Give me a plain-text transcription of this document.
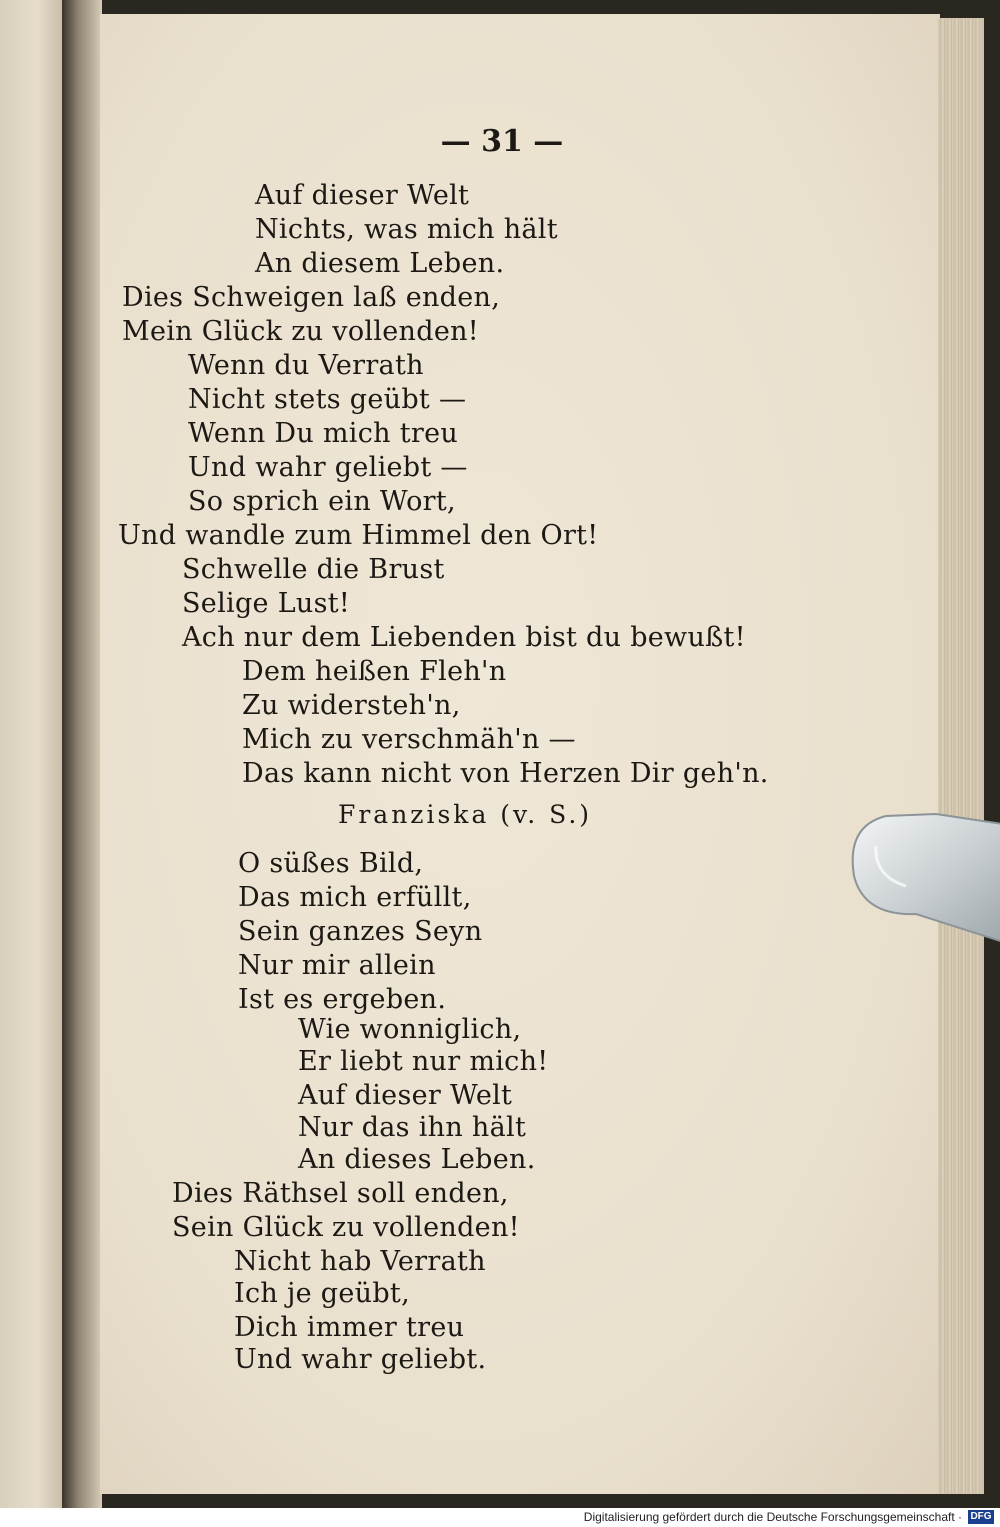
— 31 —
Auf dieser Welt
Nichts, was mich hält
An diesem Leben.
Dies Schweigen laß enden,
Mein Glück zu vollenden!
Wenn du Verrath
Nicht stets geübt —
Wenn Du mich treu
Und wahr geliebt —
So sprich ein Wort,
Und wandle zum Himmel den Ort!
Schwelle die Brust
Selige Lust!
Ach nur dem Liebenden bist du bewußt!
Dem heißen Fleh'n
Zu widersteh'n,
Mich zu verschmäh'n —
Das kann nicht von Herzen Dir geh'n.
Franziska (v. S.)
O süßes Bild,
Das mich erfüllt,
Sein ganzes Seyn
Nur mir allein
Ist es ergeben.
Wie wonniglich,
Er liebt nur mich!
Auf dieser Welt
Nur das ihn hält
An dieses Leben.
Dies Räthsel soll enden,
Sein Glück zu vollenden!
Nicht hab Verrath
Ich je geübt,
Dich immer treu
Und wahr geliebt.
Digitalisierung gefördert durch die Deutsche Forschungsgemeinschaft · DFG
